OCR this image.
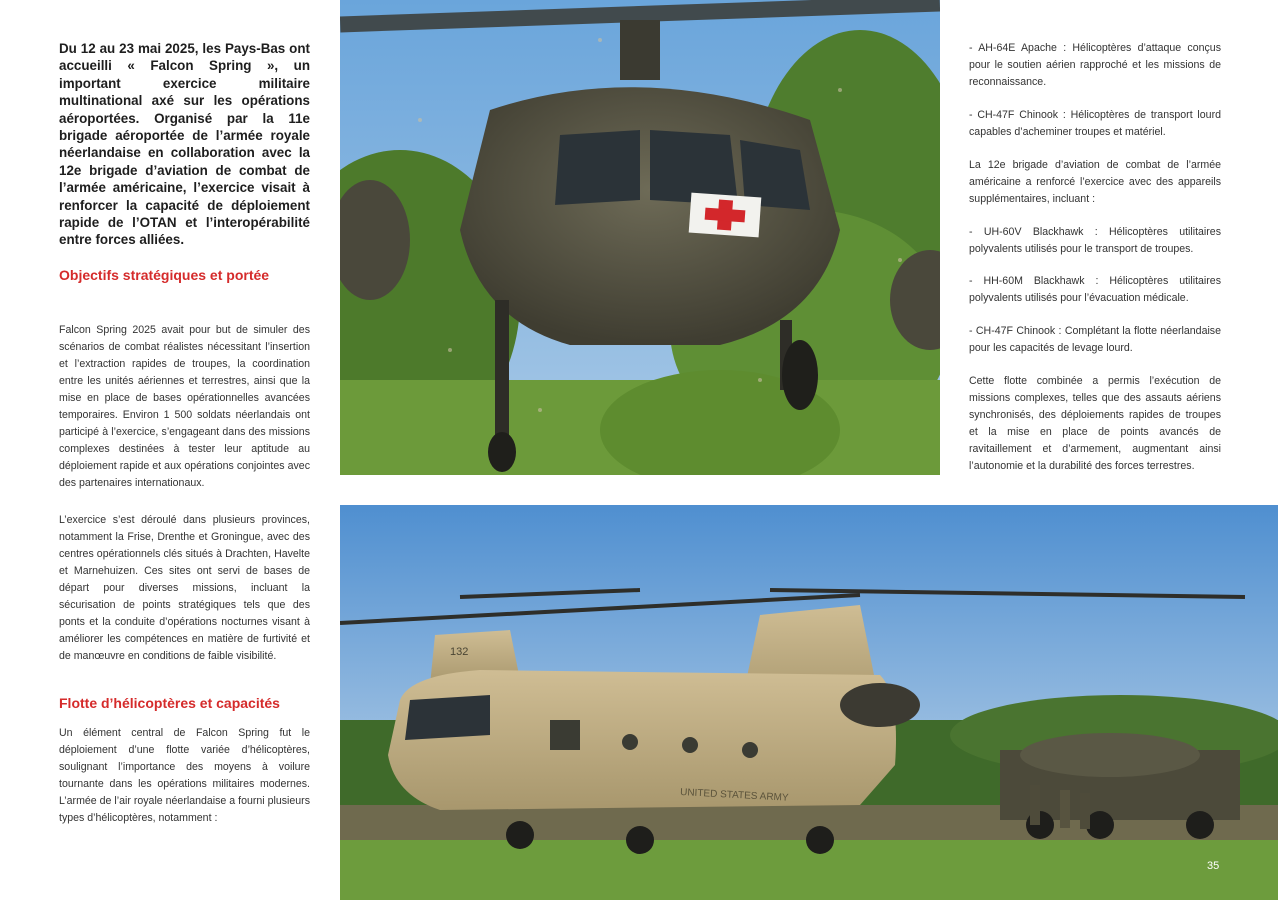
Du 12 au 23 mai 2025, les Pays-Bas ont accueilli « Falcon Spring », un important exercice militaire multinational axé sur les opérations aéroportées. Organisé par la 11e brigade aéroportée de l’armée royale néerlandaise en collaboration avec la 12e brigade d’aviation de combat de l’armée américaine, l’exercice visait à renforcer la capacité de déploiement rapide de l’OTAN et l’interopérabilité entre forces alliées.

Objectifs stratégiques et portée

Falcon Spring 2025 avait pour but de simuler des scénarios de combat réalistes nécessitant l’insertion et l’extraction rapides de troupes, la coordination entre les unités aériennes et terrestres, ainsi que la mise en place de bases opérationnelles avancées temporaires. Environ 1 500 soldats néerlandais ont participé à l’exercice, s’engageant dans des missions complexes destinées à tester leur aptitude au déploiement rapide et aux opérations conjointes avec des partenaires internationaux.

L’exercice s’est déroulé dans plusieurs provinces, notamment la Frise, Drenthe et Groningue, avec des centres opérationnels clés situés à Drachten, Havelte et Marnehuizen. Ces sites ont servi de bases de départ pour diverses missions, incluant la sécurisation de points stratégiques tels que des ponts et la conduite d’opérations nocturnes visant à améliorer les compétences en matière de furtivité et de manœuvre en conditions de faible visibilité.

Flotte d’hélicoptères et capacités

Un élément central de Falcon Spring fut le déploiement d’une flotte variée d’hélicoptères, soulignant l’importance des moyens à voilure tournante dans les opérations militaires modernes. L’armée de l’air royale néerlandaise a fourni plusieurs types d’hélicoptères, notamment :

- AH-64E Apache : Hélicoptères d’attaque conçus pour le soutien aérien rapproché et les missions de reconnaissance.

- CH-47F Chinook : Hélicoptères de transport lourd capables d’acheminer troupes et matériel.

La 12e brigade d’aviation de combat de l’armée américaine a renforcé l’exercice avec des appareils supplémentaires, incluant :

- UH-60V Blackhawk : Hélicoptères utilitaires polyvalents utilisés pour le transport de troupes.

- HH-60M Blackhawk : Hélicoptères utilitaires polyvalents utilisés pour l’évacuation médicale.

- CH-47F Chinook : Complétant la flotte néerlandaise pour les capacités de levage lourd.

Cette flotte combinée a permis l’exécution de missions complexes, telles que des assauts aériens synchronisés, des déploiements rapides de troupes et la mise en place de points avancés de ravitaillement et d’armement, augmentant ainsi l’autonomie et la durabilité des forces terrestres.

132
UNITED STATES ARMY
35
